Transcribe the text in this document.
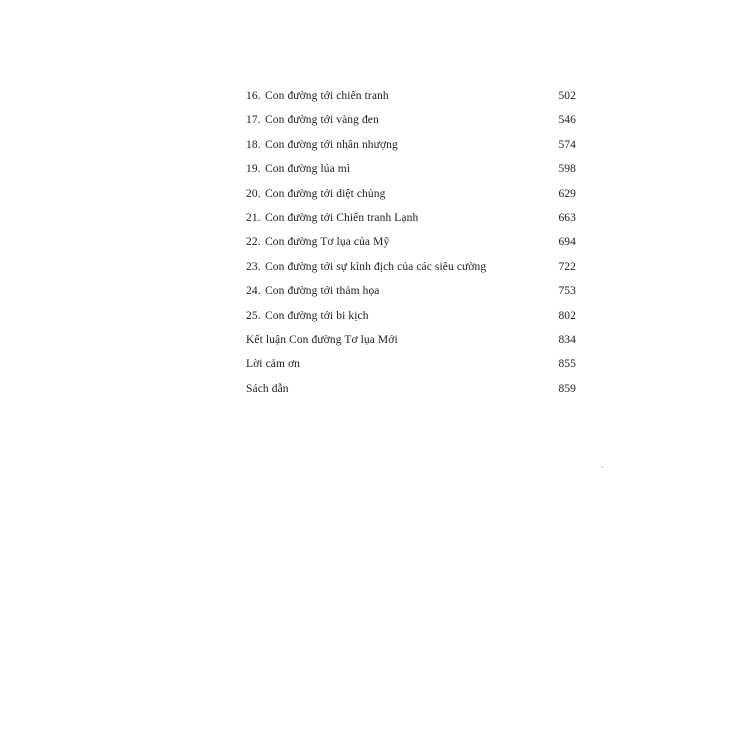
16. Con đường tới chiến tranh	502
17. Con đường tới vàng đen	546
18. Con đường tới nhân nhượng	574
19. Con đường lúa mì	598
20. Con đường tới diệt chủng	629
21. Con đường tới Chiến tranh Lạnh	663
22. Con đường Tơ lụa của Mỹ	694
23. Con đường tới sự kình địch của các siêu cường	722
24. Con đường tới thảm họa	753
25. Con đường tới bi kịch	802
Kết luận Con đường Tơ lụa Mới	834
Lời cảm ơn	855
Sách dẫn	859
